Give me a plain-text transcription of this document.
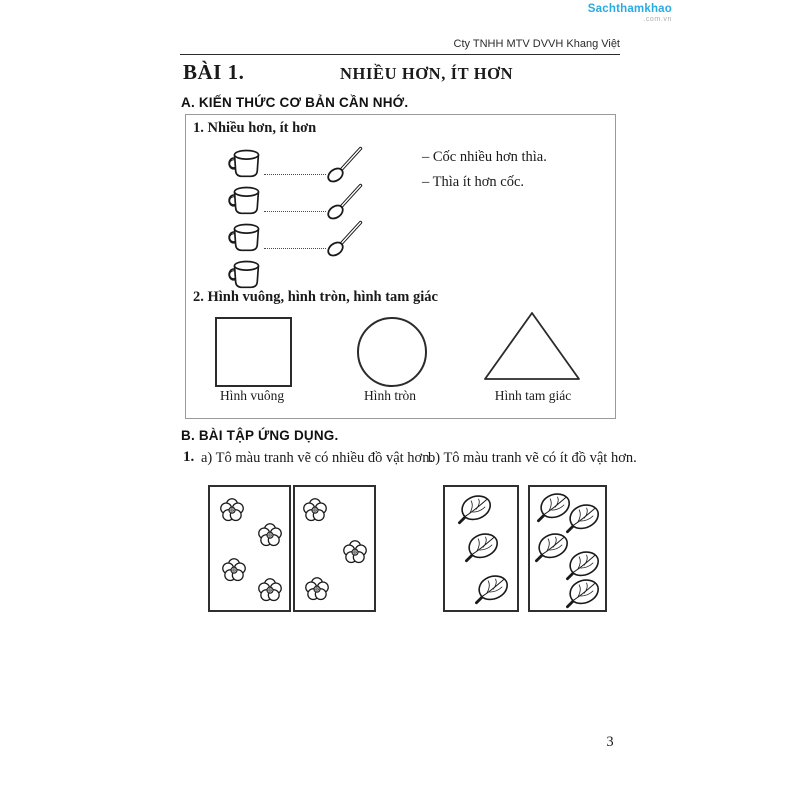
Sachthamkhao
.com.vn
Cty TNHH MTV DVVH Khang Việt
BÀI 1.	NHIỀU HƠN, ÍT HƠN
A. KIẾN THỨC CƠ BẢN CẦN NHỚ.
1. Nhiều hơn, ít hơn
– Cốc nhiều hơn thìa.
– Thìa ít hơn cốc.
2. Hình vuông, hình tròn, hình tam giác
Hình vuông	Hình tròn	Hình tam giác
B. BÀI TẬP ỨNG DỤNG.
1. a) Tô màu tranh vẽ có nhiều đồ vật hơn.
b) Tô màu tranh vẽ có ít đồ vật hơn.
3
